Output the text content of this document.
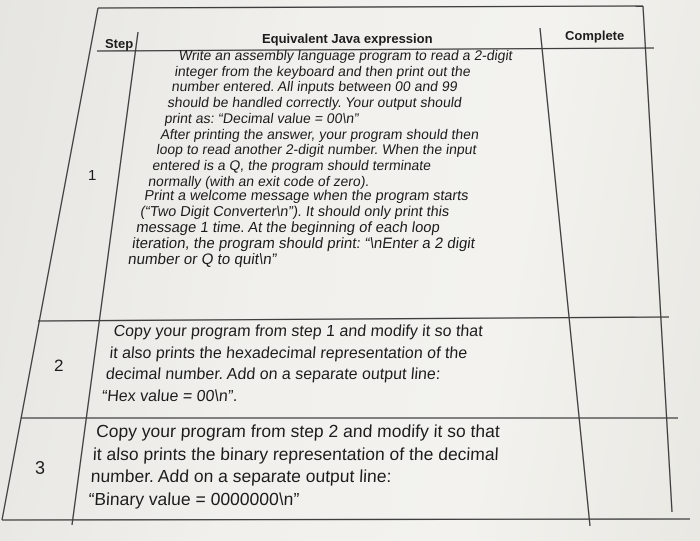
Step	Equivalent Java expression	Complete
1
Write an assembly language program to read a 2-digit
integer from the keyboard and then print out the
number entered. All inputs between 00 and 99
should be handled correctly. Your output should
print as: “Decimal value = 00\n”
After printing the answer, your program should then
loop to read another 2-digit number. When the input
entered is a Q, the program should terminate
normally (with an exit code of zero).
Print a welcome message when the program starts
(“Two Digit Converter\n”). It should only print this
message 1 time. At the beginning of each loop
iteration, the program should print: “\nEnter a 2 digit
number or Q to quit\n”
2
Copy your program from step 1 and modify it so that
it also prints the hexadecimal representation of the
decimal number. Add on a separate output line:
“Hex value = 00\n”.
3
Copy your program from step 2 and modify it so that
it also prints the binary representation of the decimal
number. Add on a separate output line:
“Binary value = 0000000\n”
